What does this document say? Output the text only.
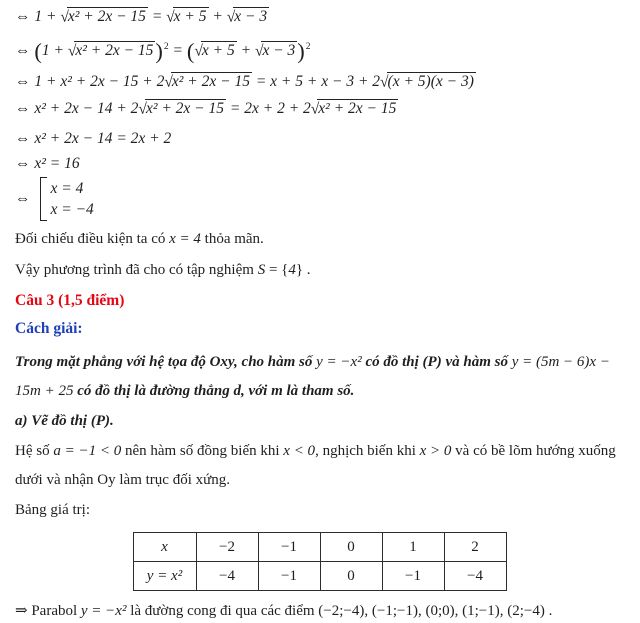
⇔ 1 + √x² + 2x − 15 = √x + 5 + √x − 3
⇔ $(1 + √x^2 + 2x - 15)^2 = (√x + 5 + √x - 3)^2$
⇔ 1 + x² + 2x − 15 + 2√x² + 2x − 15 = x + 5 + x − 3 + 2√(x + 5)(x − 3)
⇔ x² + 2x − 14 + 2√x² + 2x − 15 = 2x + 2 + 2√x² + 2x − 15
⇔ x² + 2x − 14 = 2x + 2
⇔ x² = 16
⇔
x = 4
x = −4

Đối chiếu điều kiện ta có x = 4 thỏa mãn.

Vậy phương trình đã cho có tập nghiệm S = {4} .

Câu 3 (1,5 điểm)
Cách giải:

Trong mặt phẳng với hệ tọa độ Oxy, cho hàm số y = −x² có đồ thị (P) và hàm số y = (5m − 6)x − 15m + 25 có đồ thị là đường thẳng d, với m là tham số.

a) Vẽ đồ thị (P).

Hệ số a = −1 < 0 nên hàm số đồng biến khi x < 0, nghịch biến khi x > 0 và có bề lõm hướng xuống dưới và nhận Oy làm trục đối xứng.

Bảng giá trị:

x	−2	−1	0	1	2
y = x²	−4	−1	0	−1	−4

⇒ Parabol y = −x² là đường cong đi qua các điểm (−2;−4), (−1;−1), (0;0), (1;−1), (2;−4) .
